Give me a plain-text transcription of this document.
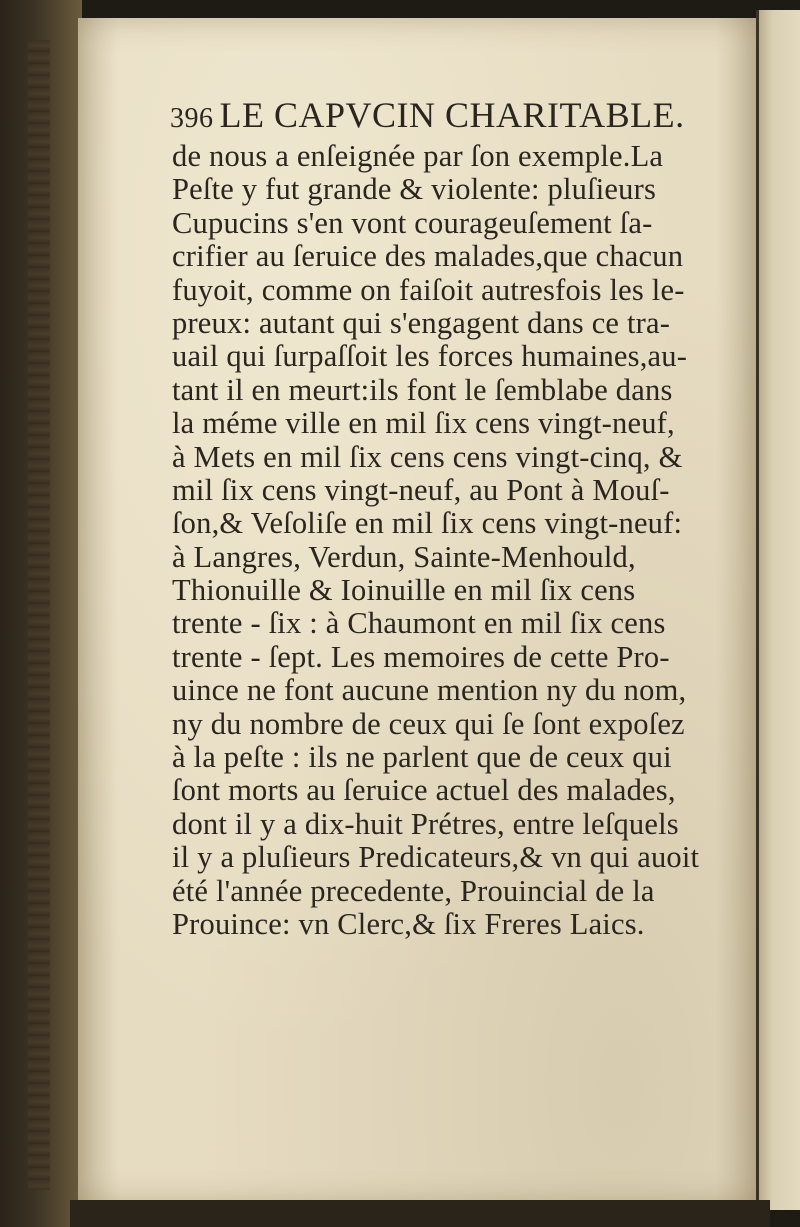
396 LE CAPVCIN CHARITABLE.
de nous a enſeignée par ſon exemple.La
Peſte y fut grande & violente: pluſieurs
Cupucins s'en vont courageuſement ſa-
crifier au ſeruice des malades,que chacun
fuyoit, comme on faiſoit autresfois les le-
preux: autant qui s'engagent dans ce tra-
uail qui ſurpaſſoit les forces humaines,au-
tant il en meurt:ils font le ſemblabe dans
la méme ville en mil ſix cens vingt-neuf,
à Mets en mil ſix cens cens vingt-cinq, &
mil ſix cens vingt-neuf, au Pont à Mouſ-
ſon,& Veſoliſe en mil ſix cens vingt-neuf:
à Langres, Verdun, Sainte-Menhould,
Thionuille & Ioinuille en mil ſix cens
trente - ſix : à Chaumont en mil ſix cens
trente - ſept. Les memoires de cette Pro-
uince ne font aucune mention ny du nom,
ny du nombre de ceux qui ſe ſont expoſez
à la peſte : ils ne parlent que de ceux qui
ſont morts au ſeruice actuel des malades,
dont il y a dix-huit Prétres, entre leſquels
il y a pluſieurs Predicateurs,& vn qui auoit
été l'année precedente, Prouincial de la
Prouince: vn Clerc,& ſix Freres Laics.
